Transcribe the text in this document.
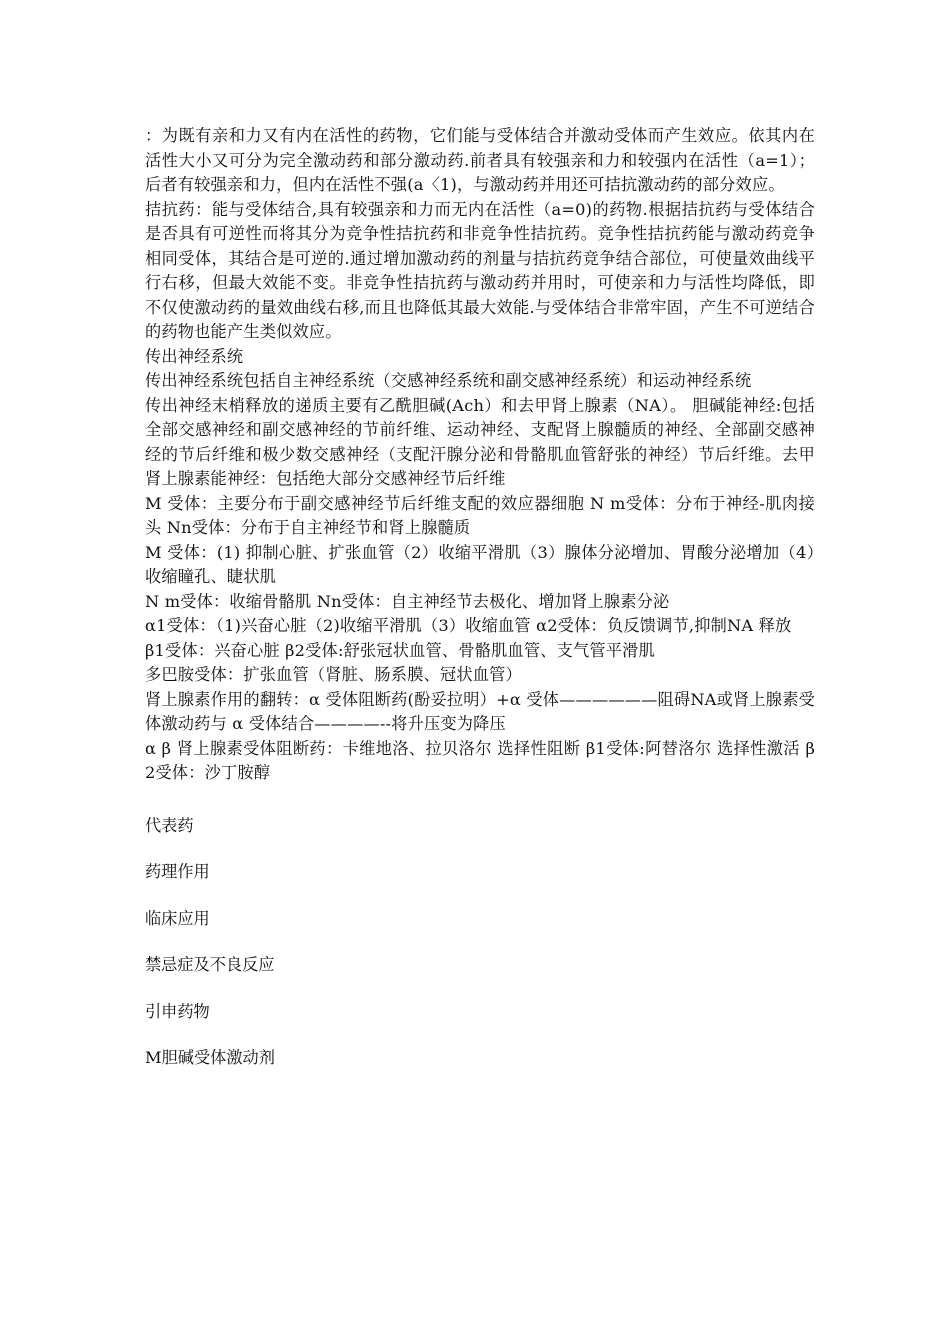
：为既有亲和力又有内在活性的药物，它们能与受体结合并激动受体而产生效应。依其内在活性大小又可分为完全激动药和部分激动药.前者具有较强亲和力和较强内在活性（a=1）；后者有较强亲和力，但内在活性不强(a〈1)，与激动药并用还可拮抗激动药的部分效应。

拮抗药：能与受体结合,具有较强亲和力而无内在活性（a=0)的药物.根据拮抗药与受体结合是否具有可逆性而将其分为竞争性拮抗药和非竞争性拮抗药。竞争性拮抗药能与激动药竞争相同受体，其结合是可逆的.通过增加激动药的剂量与拮抗药竞争结合部位，可使量效曲线平行右移，但最大效能不变。非竞争性拮抗药与激动药并用时，可使亲和力与活性均降低，即不仅使激动药的量效曲线右移,而且也降低其最大效能.与受体结合非常牢固，产生不可逆结合的药物也能产生类似效应。

传出神经系统

传出神经系统包括自主神经系统（交感神经系统和副交感神经系统）和运动神经系统

传出神经末梢释放的递质主要有乙酰胆碱(Ach）和去甲肾上腺素（NA）。 胆碱能神经:包括全部交感神经和副交感神经的节前纤维、运动神经、支配肾上腺髓质的神经、全部副交感神经的节后纤维和极少数交感神经（支配汗腺分泌和骨骼肌血管舒张的神经）节后纤维。去甲肾上腺素能神经：包括绝大部分交感神经节后纤维

M 受体：主要分布于副交感神经节后纤维支配的效应器细胞 N m受体：分布于神经-肌肉接头 Nn受体：分布于自主神经节和肾上腺髓质

M 受体：(1) 抑制心脏、扩张血管（2）收缩平滑肌（3）腺体分泌增加、胃酸分泌增加（4）收缩瞳孔、睫状肌

N m受体：收缩骨骼肌 Nn受体：自主神经节去极化、增加肾上腺素分泌

α1受体：（1)兴奋心脏（2)收缩平滑肌（3）收缩血管 α2受体：负反馈调节,抑制NA 释放

β1受体：兴奋心脏 β2受体:舒张冠状血管、骨骼肌血管、支气管平滑肌

多巴胺受体：扩张血管（肾脏、肠系膜、冠状血管）

肾上腺素作用的翻转：α 受体阻断药(酚妥拉明）+α 受体——————阻碍NA或肾上腺素受体激动药与 α 受体结合————--将升压变为降压

α β 肾上腺素受体阻断药：卡维地洛、拉贝洛尔 选择性阻断 β1受体:阿替洛尔 选择性激活 β2受体：沙丁胺醇

代表药

药理作用

临床应用

禁忌症及不良反应

引申药物

M胆碱受体激动剂
